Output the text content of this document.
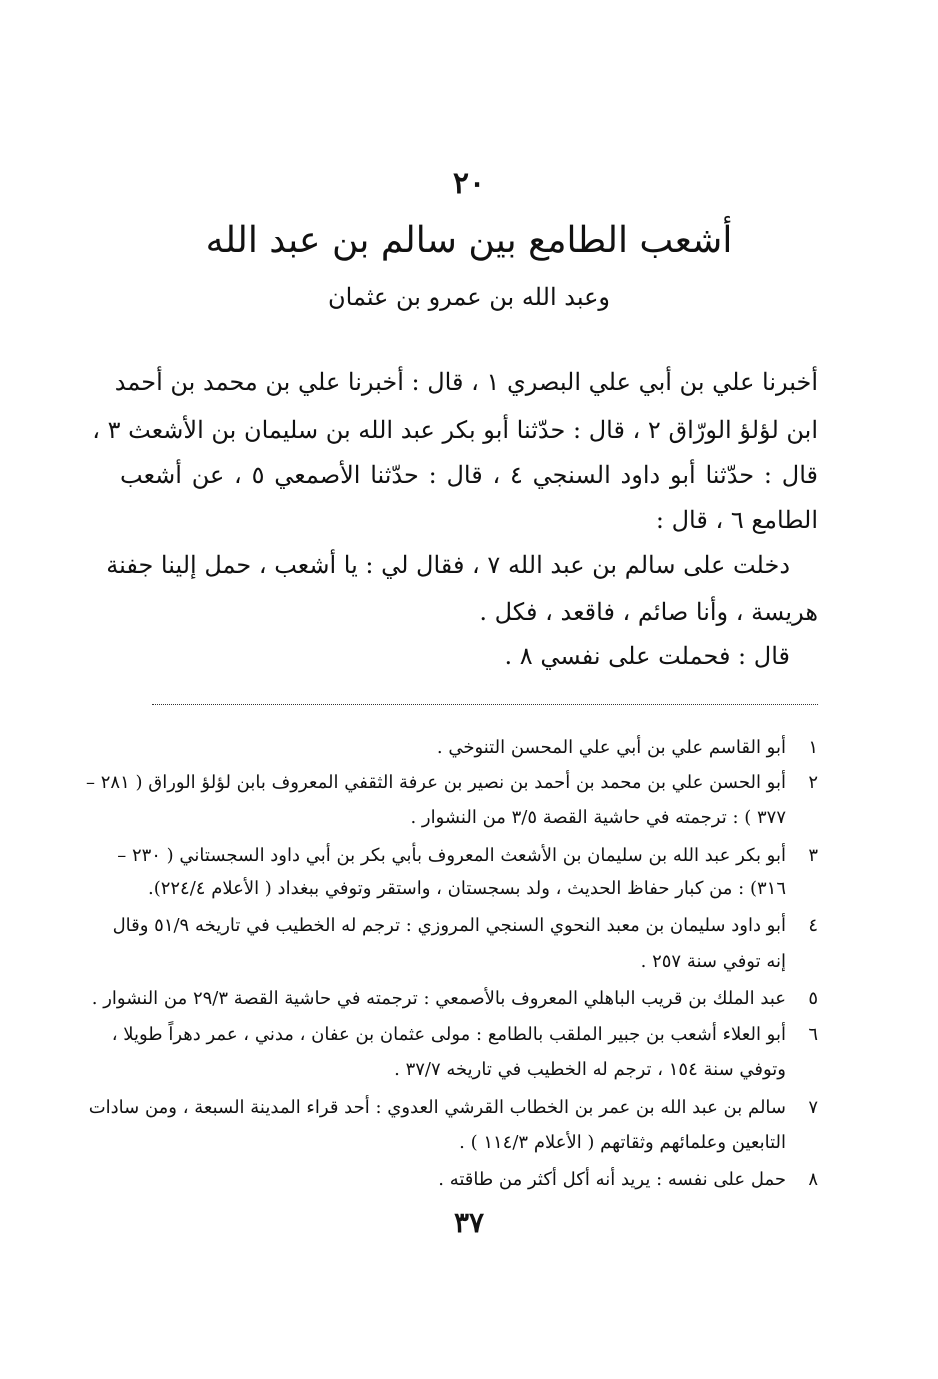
٢٠
أشعب الطامع بين سالم بن عبد الله
وعبد الله بن عمرو بن عثمان
أخبرنا علي بن أبي علي البصري ١ ، قال : أخبرنا علي بن محمد بن أحمد
ابن لؤلؤ الورّاق ٢ ، قال : حدّثنا أبو بكر عبد الله بن سليمان بن الأشعث ٣ ،
قال : حدّثنا أبو داود السنجي ٤ ، قال : حدّثنا الأصمعي ٥ ، عن أشعب
الطامع ٦ ، قال :
دخلت على سالم بن عبد الله ٧ ، فقال لي : يا أشعب ، حمل إلينا جفنة
هريسة ، وأنا صائم ، فاقعد ، فكل .
قال : فحملت على نفسي ٨ .
١أبو القاسم علي بن أبي علي المحسن التنوخي .
٢أبو الحسن علي بن محمد بن أحمد بن نصير بن عرفة الثقفي المعروف بابن لؤلؤ الوراق ( ٢٨١ –
٣٧٧ ) : ترجمته في حاشية القصة ٣/٥ من النشوار .
٣أبو بكر عبد الله بن سليمان بن الأشعث المعروف بأبي بكر بن أبي داود السجستاني ( ٢٣٠ –
٣١٦) : من كبار حفاظ الحديث ، ولد بسجستان ، واستقر وتوفي ببغداد ( الأعلام ٢٢٤/٤).
٤أبو داود سليمان بن معبد النحوي السنجي المروزي : ترجم له الخطيب في تاريخه ٥١/٩ وقال
إنه توفي سنة ٢٥٧ .
٥عبد الملك بن قريب الباهلي المعروف بالأصمعي : ترجمته في حاشية القصة ٢٩/٣ من النشوار .
٦أبو العلاء أشعب بن جبير الملقب بالطامع : مولى عثمان بن عفان ، مدني ، عمر دهراً طويلا ،
وتوفي سنة ١٥٤ ، ترجم له الخطيب في تاريخه ٣٧/٧ .
٧سالم بن عبد الله بن عمر بن الخطاب القرشي العدوي : أحد قراء المدينة السبعة ، ومن سادات
التابعين وعلمائهم وثقاتهم ( الأعلام ١١٤/٣ ) .
٨حمل على نفسه : يريد أنه أكل أكثر من طاقته .
٣٧
